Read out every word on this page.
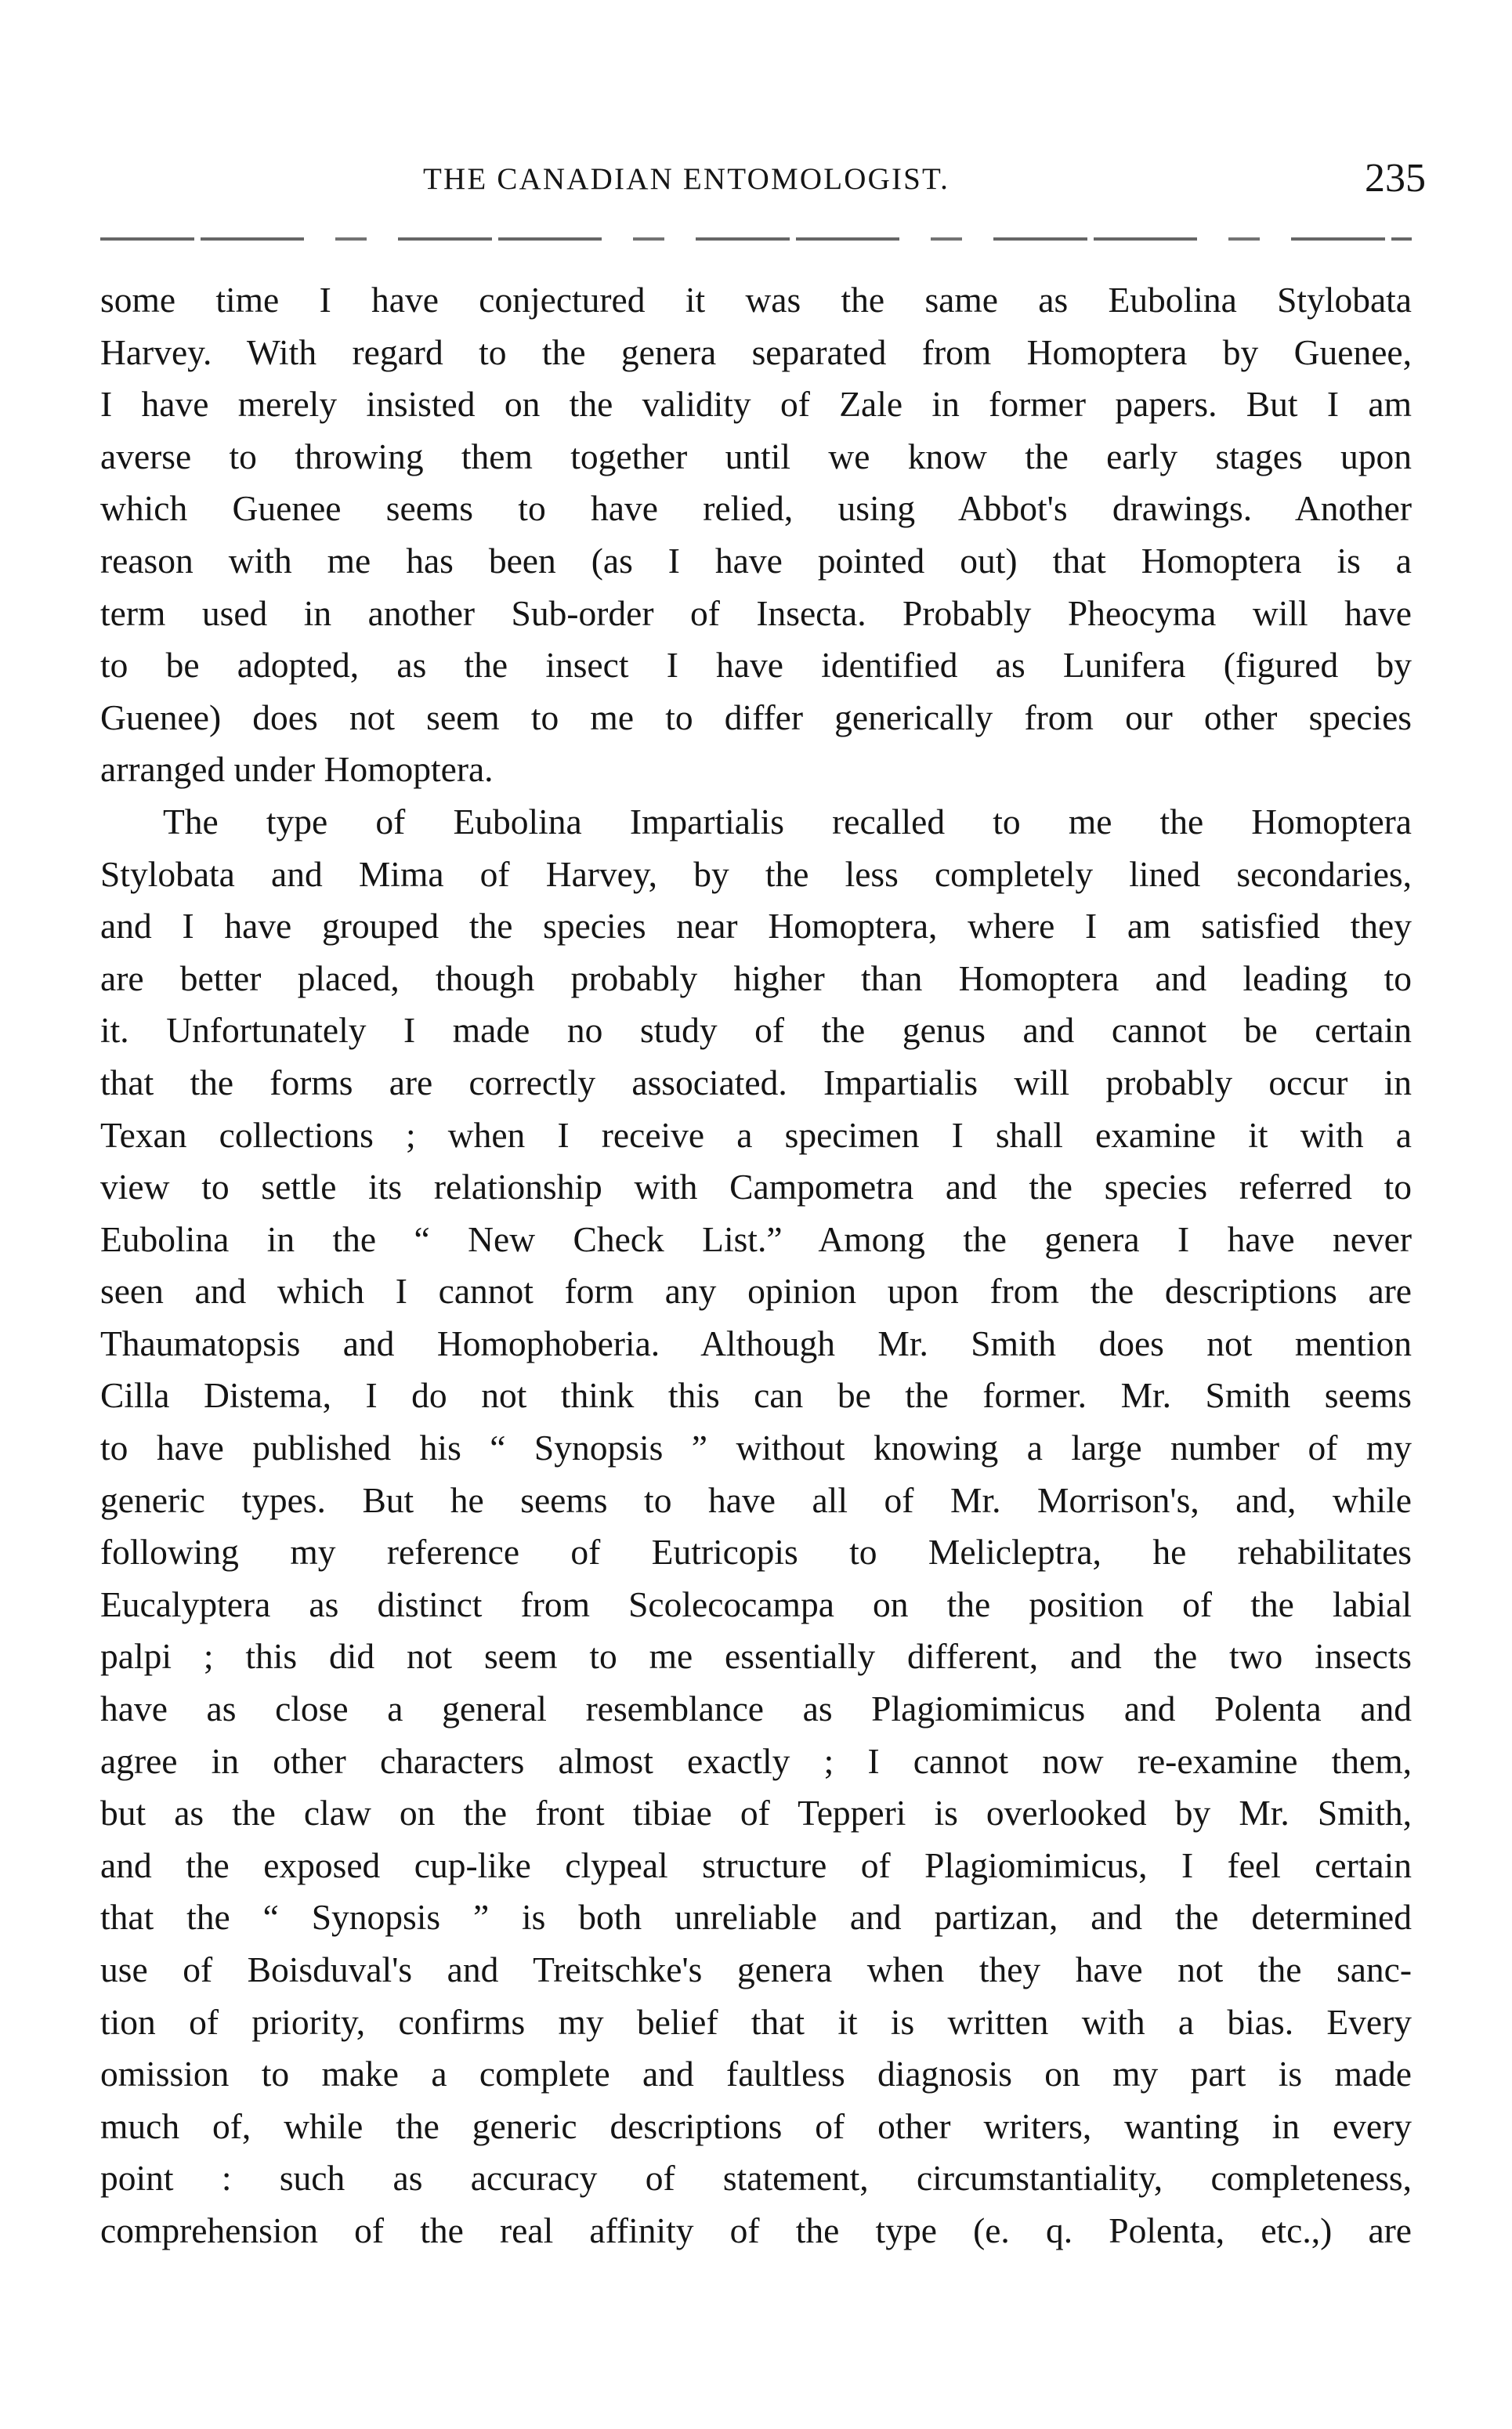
THE CANADIAN ENTOMOLOGIST.	235
some time I have conjectured it was the same as Eubolina Stylobata
Harvey. With regard to the genera separated from Homoptera by Guenee,
I have merely insisted on the validity of Zale in former papers. But I am
averse to throwing them together until we know the early stages upon
which Guenee seems to have relied, using Abbot's drawings. Another
reason with me has been (as I have pointed out) that Homoptera is a
term used in another Sub-order of Insecta. Probably Pheocyma will have
to be adopted, as the insect I have identified as Lunifera (figured by
Guenee) does not seem to me to differ generically from our other species
arranged under Homoptera.
The type of Eubolina Impartialis recalled to me the Homoptera
Stylobata and Mima of Harvey, by the less completely lined secondaries,
and I have grouped the species near Homoptera, where I am satisfied they
are better placed, though probably higher than Homoptera and leading to
it. Unfortunately I made no study of the genus and cannot be certain
that the forms are correctly associated. Impartialis will probably occur in
Texan collections ; when I receive a specimen I shall examine it with a
view to settle its relationship with Campometra and the species referred to
Eubolina in the “ New Check List.” Among the genera I have never
seen and which I cannot form any opinion upon from the descriptions are
Thaumatopsis and Homophoberia. Although Mr. Smith does not mention
Cilla Distema, I do not think this can be the former. Mr. Smith seems
to have published his “ Synopsis ” without knowing a large number of my
generic types. But he seems to have all of Mr. Morrison's, and, while
following my reference of Eutricopis to Melicleptra, he rehabilitates
Eucalyptera as distinct from Scolecocampa on the position of the labial
palpi ; this did not seem to me essentially different, and the two insects
have as close a general resemblance as Plagiomimicus and Polenta and
agree in other characters almost exactly ; I cannot now re-examine them,
but as the claw on the front tibiae of Tepperi is overlooked by Mr. Smith,
and the exposed cup-like clypeal structure of Plagiomimicus, I feel certain
that the “ Synopsis ” is both unreliable and partizan, and the determined
use of Boisduval's and Treitschke's genera when they have not the sanc-
tion of priority, confirms my belief that it is written with a bias. Every
omission to make a complete and faultless diagnosis on my part is made
much of, while the generic descriptions of other writers, wanting in every
point : such as accuracy of statement, circumstantiality, completeness,
comprehension of the real affinity of the type (e. q. Polenta, etc.,) are
